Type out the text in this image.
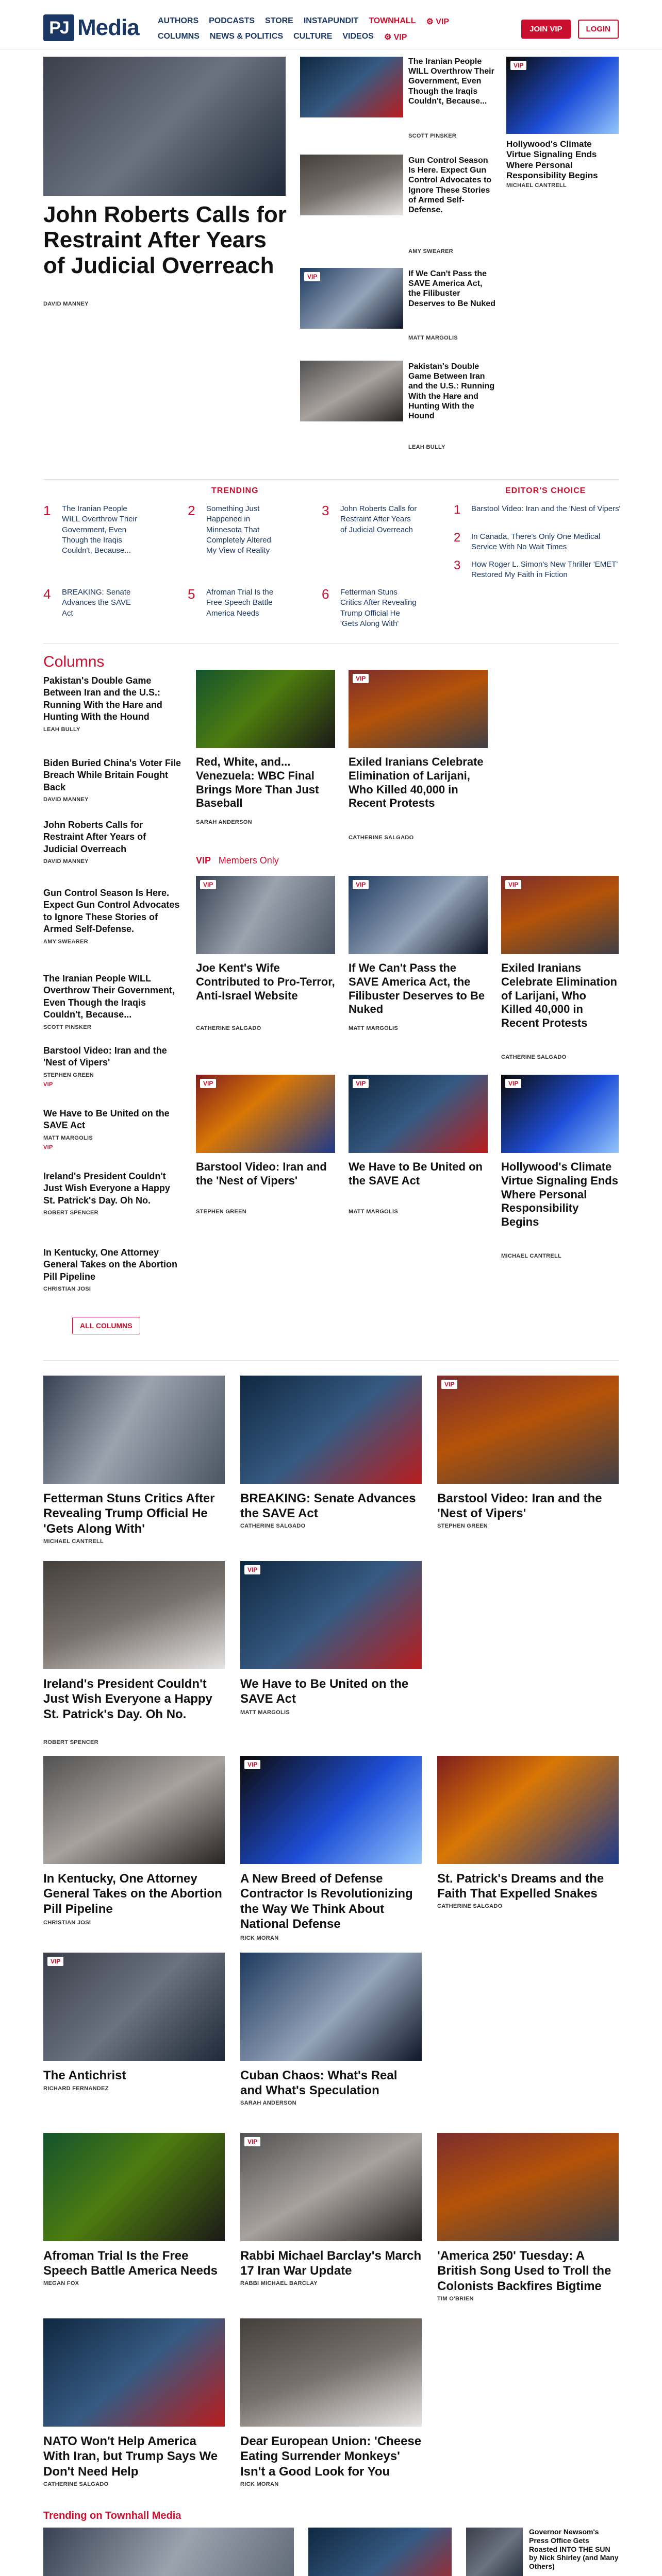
PJ Media AUTHORS PODCASTS STORE INSTAPUNDIT TOWNHALL ⚙ VIP
COLUMNS NEWS & POLITICS CULTURE VIDEOS ⚙ VIP
JOIN VIP	LOGIN
John Roberts Calls for Restraint After Years of Judicial Overreach
DAVID MANNEY
The Iranian People WILL Overthrow Their Government, Even Though the Iraqis Couldn't, Because...
SCOTT PINSKER
VIP
Hollywood's Climate Virtue Signaling Ends Where Personal Responsibility Begins
MICHAEL CANTRELL
Gun Control Season Is Here. Expect Gun Control Advocates to Ignore These Stories of Armed Self-Defense.
AMY SWEARER
VIP	If We Can't Pass the SAVE America Act, the Filibuster Deserves to Be Nuked
MATT MARGOLIS
Pakistan's Double Game Between Iran and the U.S.: Running With the Hare and Hunting With the Hound
LEAH BULLY
TRENDING	EDITOR'S CHOICE
1 The Iranian People WILL Overthrow Their Government, Even Though the Iraqis Couldn't, Because...
2 Something Just Happened in Minnesota That Completely Altered My View of Reality
3 John Roberts Calls for Restraint After Years of Judicial Overreach
4 BREAKING: Senate Advances the SAVE Act
5 Afroman Trial Is the Free Speech Battle America Needs
6 Fetterman Stuns Critics After Revealing Trump Official He 'Gets Along With'
1 Barstool Video: Iran and the 'Nest of Vipers'
2 In Canada, There's Only One Medical Service With No Wait Times
3 How Roger L. Simon's New Thriller 'EMET' Restored My Faith in Fiction
Columns
Pakistan's Double Game Between Iran and the U.S.: Running With the Hare and Hunting With the Hound
LEAH BULLY
Biden Buried China's Voter File Breach While Britain Fought Back
DAVID MANNEY
John Roberts Calls for Restraint After Years of Judicial Overreach
DAVID MANNEY
Gun Control Season Is Here. Expect Gun Control Advocates to Ignore These Stories of Armed Self-Defense.
AMY SWEARER
The Iranian People WILL Overthrow Their Government, Even Though the Iraqis Couldn't, Because...
SCOTT PINSKER
Barstool Video: Iran and the 'Nest of Vipers'
STEPHEN GREEN
VIP
We Have to Be United on the SAVE Act
MATT MARGOLIS
VIP
Ireland's President Couldn't Just Wish Everyone a Happy St. Patrick's Day. Oh No.
ROBERT SPENCER
In Kentucky, One Attorney General Takes on the Abortion Pill Pipeline
CHRISTIAN JOSI
ALL COLUMNS
Red, White, and... Venezuela: WBC Final Brings More Than Just Baseball
SARAH ANDERSON
VIP
Exiled Iranians Celebrate Elimination of Larijani, Who Killed 40,000 in Recent Protests
CATHERINE SALGADO
VIP Members Only
VIP
Joe Kent's Wife Contributed to Pro-Terror, Anti-Israel Website
CATHERINE SALGADO
VIP
If We Can't Pass the SAVE America Act, the Filibuster Deserves to Be Nuked
MATT MARGOLIS
VIP
Exiled Iranians Celebrate Elimination of Larijani, Who Killed 40,000 in Recent Protests
CATHERINE SALGADO
VIP
Barstool Video: Iran and the 'Nest of Vipers'
STEPHEN GREEN
VIP
We Have to Be United on the SAVE Act
MATT MARGOLIS
VIP
Hollywood's Climate Virtue Signaling Ends Where Personal Responsibility Begins
MICHAEL CANTRELL
Fetterman Stuns Critics After Revealing Trump Official He 'Gets Along With'
MICHAEL CANTRELL
BREAKING: Senate Advances the SAVE Act
CATHERINE SALGADO
VIP
Barstool Video: Iran and the 'Nest of Vipers'
STEPHEN GREEN
Ireland's President Couldn't Just Wish Everyone a Happy St. Patrick's Day. Oh No.
ROBERT SPENCER
VIP
We Have to Be United on the SAVE Act
MATT MARGOLIS
In Kentucky, One Attorney General Takes on the Abortion Pill Pipeline
CHRISTIAN JOSI
VIP
A New Breed of Defense Contractor Is Revolutionizing the Way We Think About National Defense
RICK MORAN
St. Patrick's Dreams and the Faith That Expelled Snakes
CATHERINE SALGADO
VIP
The Antichrist
RICHARD FERNANDEZ
Cuban Chaos: What's Real and What's Speculation
SARAH ANDERSON
Afroman Trial Is the Free Speech Battle America Needs
MEGAN FOX
VIP
Rabbi Michael Barclay's March 17 Iran War Update
RABBI MICHAEL BARCLAY
'America 250' Tuesday: A British Song Used to Troll the Colonists Backfires Bigtime
TIM O'BRIEN
NATO Won't Help America With Iran, but Trump Says We Don't Need Help
CATHERINE SALGADO
Dear European Union: 'Cheese Eating Surrender Monkeys' Isn't a Good Look for You
RICK MORAN
Trending on Townhall Media
Governor Newsom's Press Office Gets Roasted INTO THE SUN by Nick Shirley (and Many Others)
